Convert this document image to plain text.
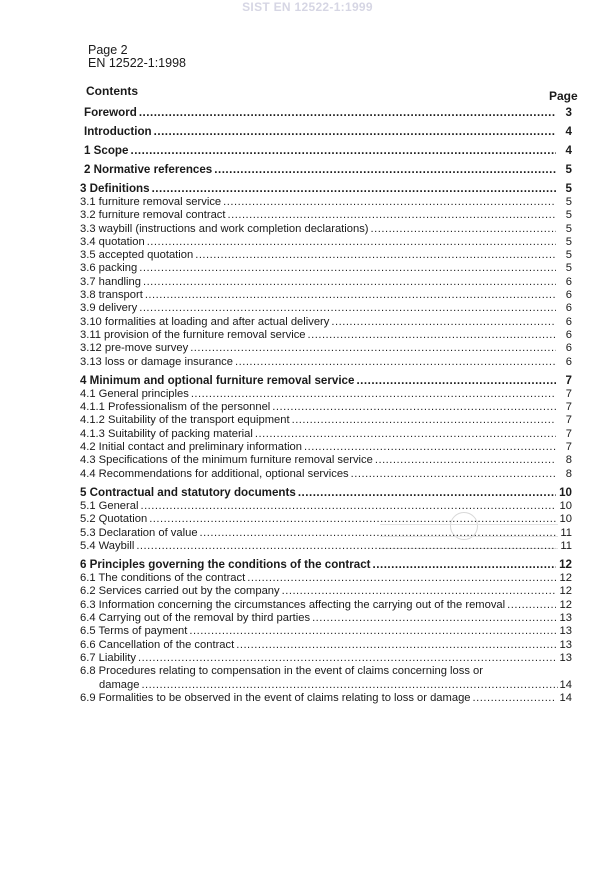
SIST EN 12522-1:1999
Page 2
EN 12522-1:1998
Contents	Page
Foreword .....	3
Introduction .....	4
1 Scope .....	4
2 Normative references .....	5
3 Definitions .....	5
3.1 furniture removal service .....	5
3.2 furniture removal contract .....	5
3.3 waybill (instructions and work completion declarations) .....	5
3.4 quotation .....	5
3.5 accepted quotation .....	5
3.6 packing .....	5
3.7 handling .....	6
3.8 transport .....	6
3.9 delivery .....	6
3.10 formalities at loading and after actual delivery .....	6
3.11 provision of the furniture removal service .....	6
3.12 pre-move survey .....	6
3.13 loss or damage insurance .....	6
4 Minimum and optional furniture removal service .....	7
4.1 General principles .....	7
4.1.1 Professionalism of the personnel .....	7
4.1.2 Suitability of the transport equipment .....	7
4.1.3 Suitability of packing material .....	7
4.2 Initial contact and preliminary information .....	7
4.3 Specifications of the minimum furniture removal service .....	8
4.4 Recommendations for additional, optional services .....	8
5 Contractual and statutory documents .....	10
5.1 General .....	10
5.2 Quotation .....	10
5.3 Declaration of value .....	11
5.4 Waybill .....	11
6 Principles governing the conditions of the contract .....	12
6.1 The conditions of the contract .....	12
6.2 Services carried out by the company .....	12
6.3 Information concerning the circumstances affecting the carrying out of the removal .....	12
6.4 Carrying out of the removal by third parties .....	13
6.5 Terms of payment .....	13
6.6 Cancellation of the contract .....	13
6.7 Liability .....	13
6.8 Procedures relating to compensation in the event of claims concerning loss or
damage .....	14
6.9 Formalities to be observed in the event of claims relating to loss or damage .....	14
